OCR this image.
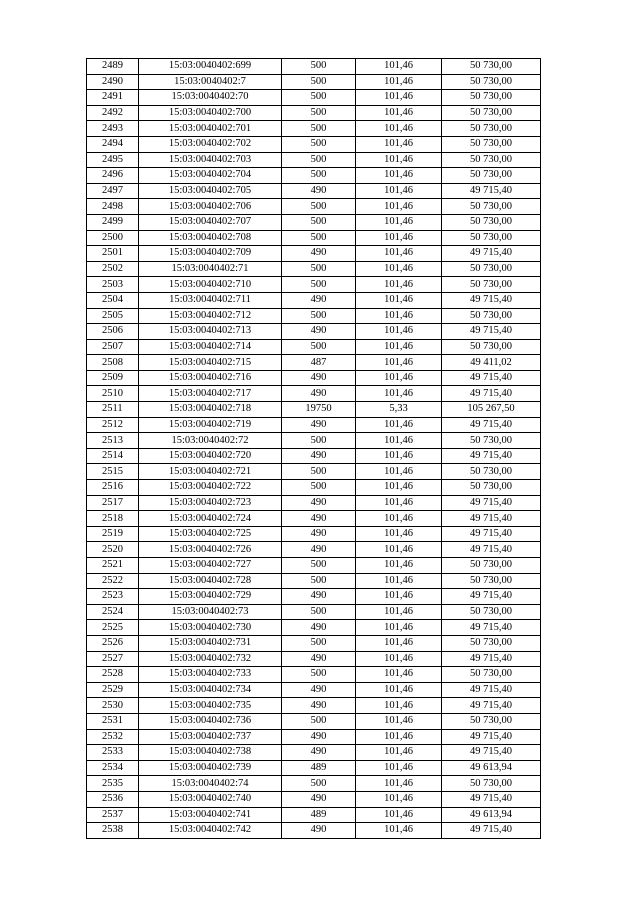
2489	15:03:0040402:699	500	101,46	50 730,00
2490	15:03:0040402:7	500	101,46	50 730,00
2491	15:03:0040402:70	500	101,46	50 730,00
2492	15:03:0040402:700	500	101,46	50 730,00
2493	15:03:0040402:701	500	101,46	50 730,00
2494	15:03:0040402:702	500	101,46	50 730,00
2495	15:03:0040402:703	500	101,46	50 730,00
2496	15:03:0040402:704	500	101,46	50 730,00
2497	15:03:0040402:705	490	101,46	49 715,40
2498	15:03:0040402:706	500	101,46	50 730,00
2499	15:03:0040402:707	500	101,46	50 730,00
2500	15:03:0040402:708	500	101,46	50 730,00
2501	15:03:0040402:709	490	101,46	49 715,40
2502	15:03:0040402:71	500	101,46	50 730,00
2503	15:03:0040402:710	500	101,46	50 730,00
2504	15:03:0040402:711	490	101,46	49 715,40
2505	15:03:0040402:712	500	101,46	50 730,00
2506	15:03:0040402:713	490	101,46	49 715,40
2507	15:03:0040402:714	500	101,46	50 730,00
2508	15:03:0040402:715	487	101,46	49 411,02
2509	15:03:0040402:716	490	101,46	49 715,40
2510	15:03:0040402:717	490	101,46	49 715,40
2511	15:03:0040402:718	19750	5,33	105 267,50
2512	15:03:0040402:719	490	101,46	49 715,40
2513	15:03:0040402:72	500	101,46	50 730,00
2514	15:03:0040402:720	490	101,46	49 715,40
2515	15:03:0040402:721	500	101,46	50 730,00
2516	15:03:0040402:722	500	101,46	50 730,00
2517	15:03:0040402:723	490	101,46	49 715,40
2518	15:03:0040402:724	490	101,46	49 715,40
2519	15:03:0040402:725	490	101,46	49 715,40
2520	15:03:0040402:726	490	101,46	49 715,40
2521	15:03:0040402:727	500	101,46	50 730,00
2522	15:03:0040402:728	500	101,46	50 730,00
2523	15:03:0040402:729	490	101,46	49 715,40
2524	15:03:0040402:73	500	101,46	50 730,00
2525	15:03:0040402:730	490	101,46	49 715,40
2526	15:03:0040402:731	500	101,46	50 730,00
2527	15:03:0040402:732	490	101,46	49 715,40
2528	15:03:0040402:733	500	101,46	50 730,00
2529	15:03:0040402:734	490	101,46	49 715,40
2530	15:03:0040402:735	490	101,46	49 715,40
2531	15:03:0040402:736	500	101,46	50 730,00
2532	15:03:0040402:737	490	101,46	49 715,40
2533	15:03:0040402:738	490	101,46	49 715,40
2534	15:03:0040402:739	489	101,46	49 613,94
2535	15:03:0040402:74	500	101,46	50 730,00
2536	15:03:0040402:740	490	101,46	49 715,40
2537	15:03:0040402:741	489	101,46	49 613,94
2538	15:03:0040402:742	490	101,46	49 715,40
